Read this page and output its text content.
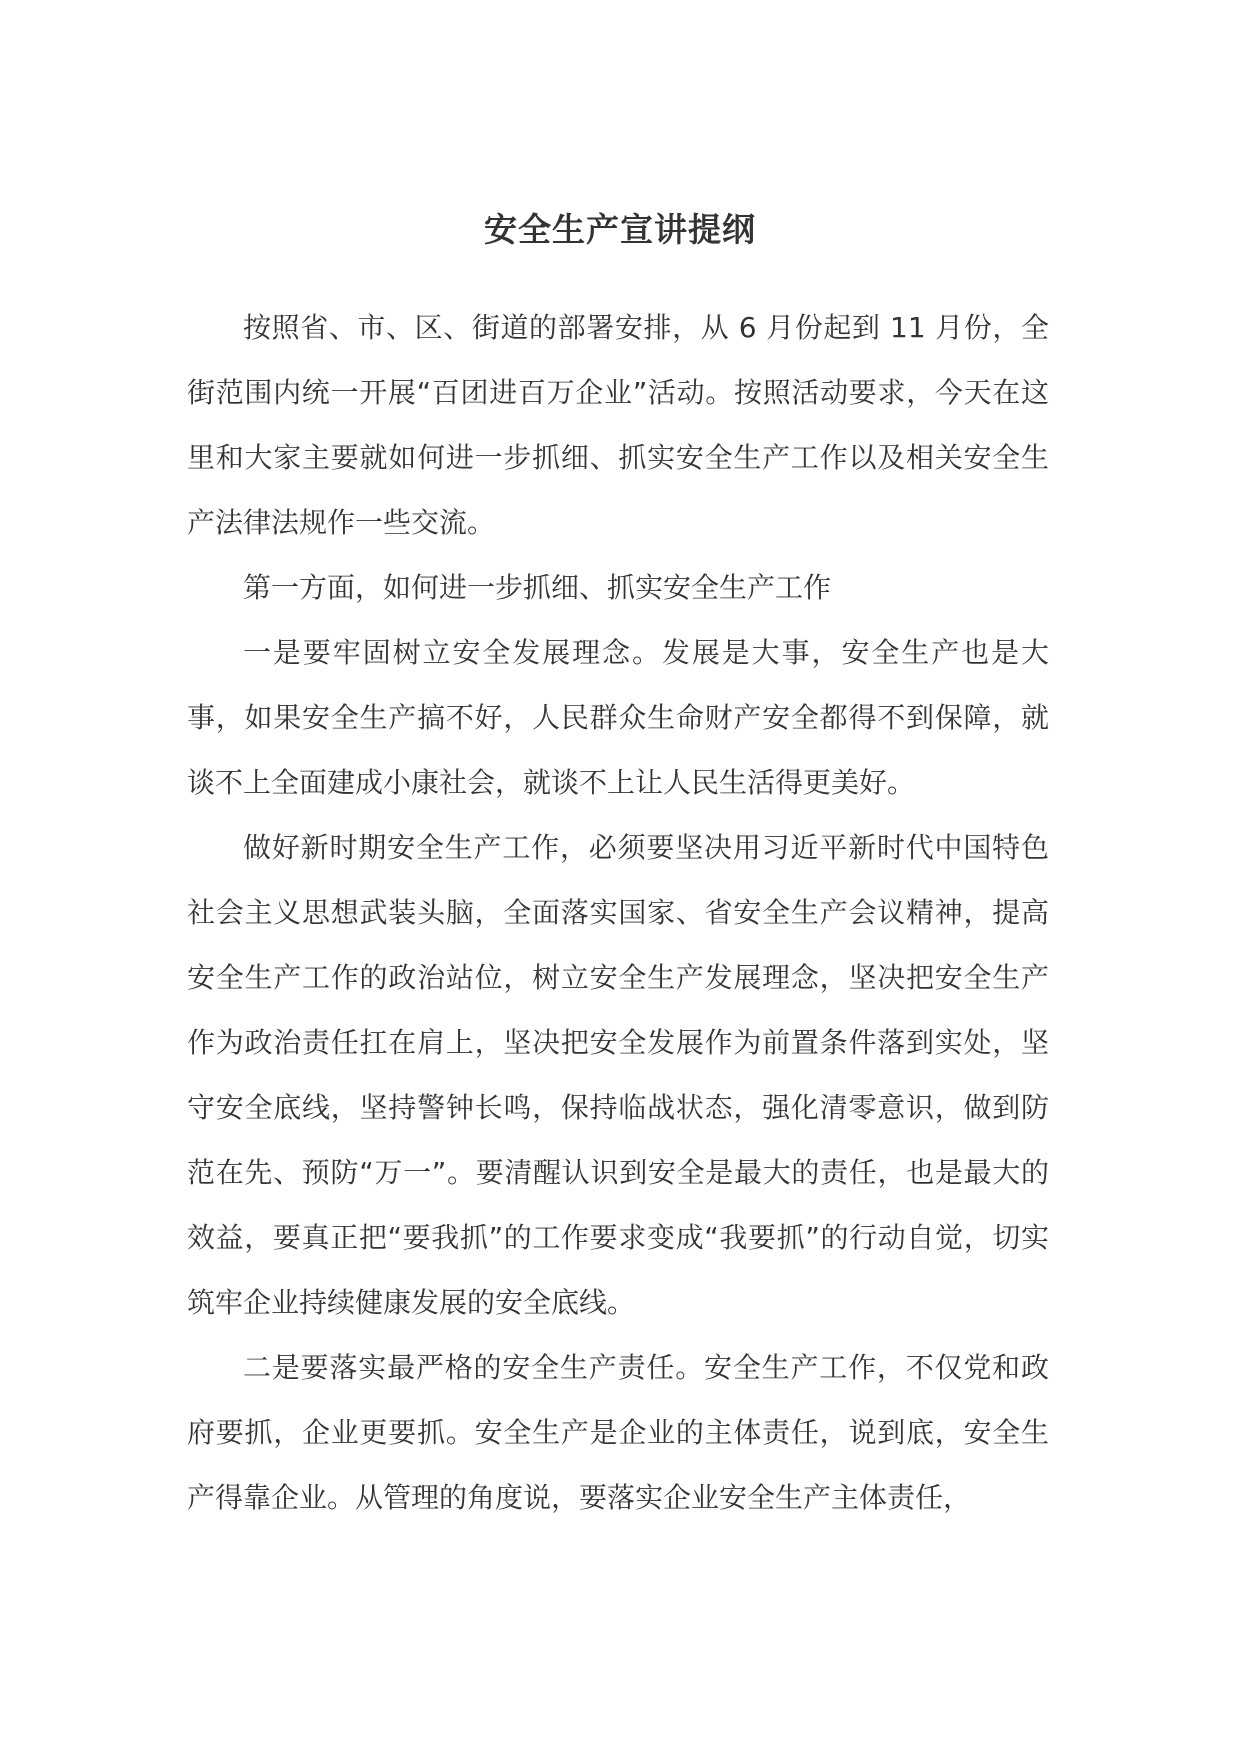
安全生产宣讲提纲

按照省、市、区、街道的部署安排，从 6 月份起到 11 月份，全街范围内统一开展“百团进百万企业”活动。按照活动要求，今天在这里和大家主要就如何进一步抓细、抓实安全生产工作以及相关安全生产法律法规作一些交流。

第一方面，如何进一步抓细、抓实安全生产工作

一是要牢固树立安全发展理念。发展是大事，安全生产也是大事，如果安全生产搞不好，人民群众生命财产安全都得不到保障，就谈不上全面建成小康社会，就谈不上让人民生活得更美好。

做好新时期安全生产工作，必须要坚决用习近平新时代中国特色社会主义思想武装头脑，全面落实国家、省安全生产会议精神，提高安全生产工作的政治站位，树立安全生产发展理念，坚决把安全生产作为政治责任扛在肩上，坚决把安全发展作为前置条件落到实处，坚守安全底线，坚持警钟长鸣，保持临战状态，强化清零意识，做到防范在先、预防“万一”。要清醒认识到安全是最大的责任，也是最大的效益，要真正把“要我抓”的工作要求变成“我要抓”的行动自觉，切实筑牢企业持续健康发展的安全底线。

二是要落实最严格的安全生产责任。安全生产工作，不仅党和政府要抓，企业更要抓。安全生产是企业的主体责任，说到底，安全生产得靠企业。从管理的角度说，要落实企业安全生产主体责任，
